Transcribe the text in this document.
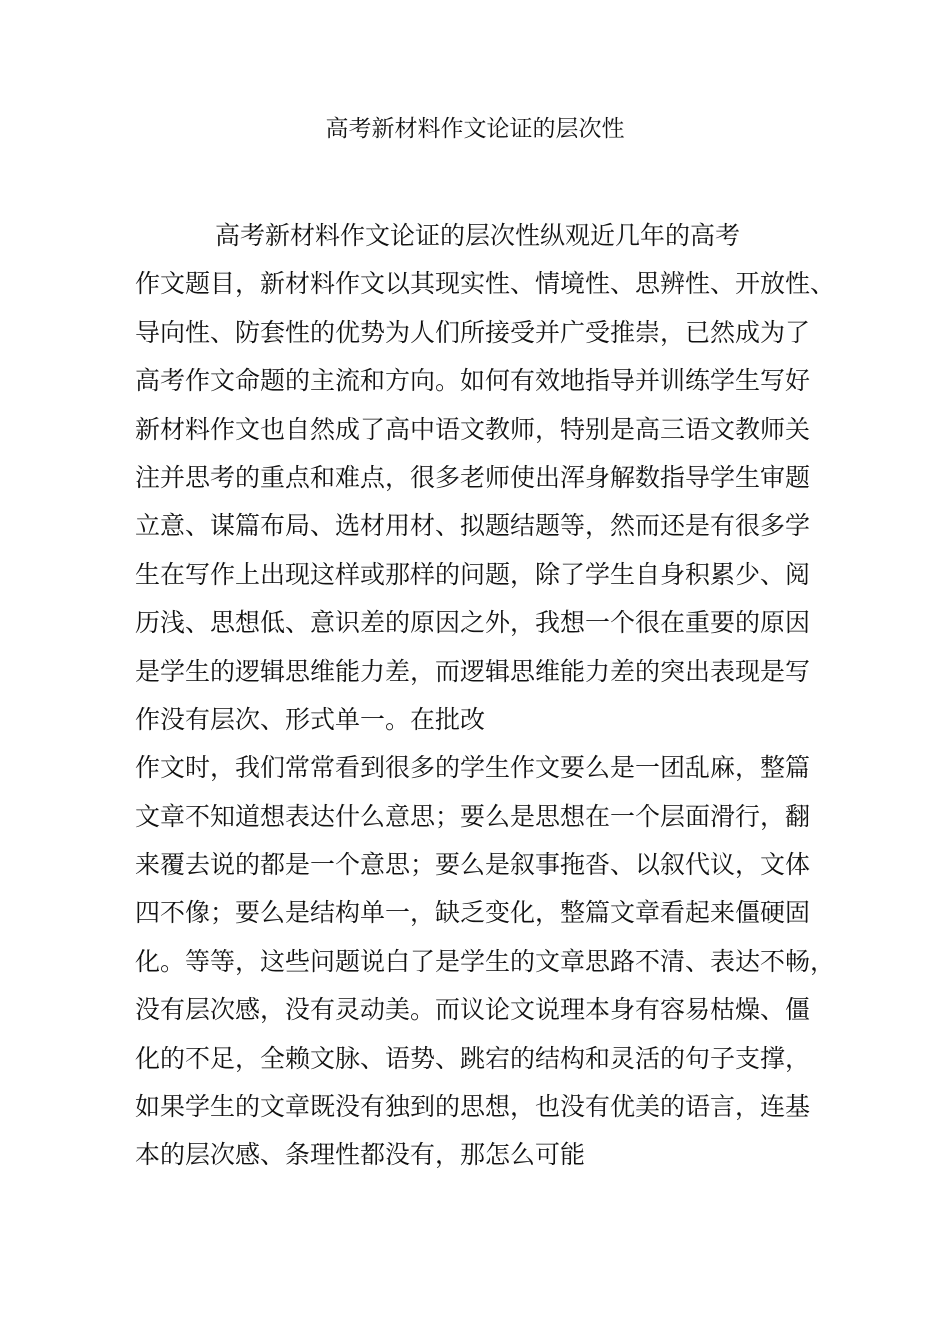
高考新材料作文论证的层次性
高考新材料作文论证的层次性纵观近几年的高考
作文题目，新材料作文以其现实性、情境性、思辨性、开放性、
导向性、防套性的优势为人们所接受并广受推崇，已然成为了
高考作文命题的主流和方向。如何有效地指导并训练学生写好
新材料作文也自然成了高中语文教师，特别是高三语文教师关
注并思考的重点和难点，很多老师使出浑身解数指导学生审题
立意、谋篇布局、选材用材、拟题结题等，然而还是有很多学
生在写作上出现这样或那样的问题，除了学生自身积累少、阅
历浅、思想低、意识差的原因之外，我想一个很在重要的原因
是学生的逻辑思维能力差，而逻辑思维能力差的突出表现是写
作没有层次、形式单一。在批改
作文时，我们常常看到很多的学生作文要么是一团乱麻，整篇
文章不知道想表达什么意思；要么是思想在一个层面滑行，翻
来覆去说的都是一个意思；要么是叙事拖沓、以叙代议，文体
四不像；要么是结构单一，缺乏变化，整篇文章看起来僵硬固
化。等等，这些问题说白了是学生的文章思路不清、表达不畅，
没有层次感，没有灵动美。而议论文说理本身有容易枯燥、僵
化的不足，全赖文脉、语势、跳宕的结构和灵活的句子支撑，
如果学生的文章既没有独到的思想，也没有优美的语言，连基
本的层次感、条理性都没有，那怎么可能
